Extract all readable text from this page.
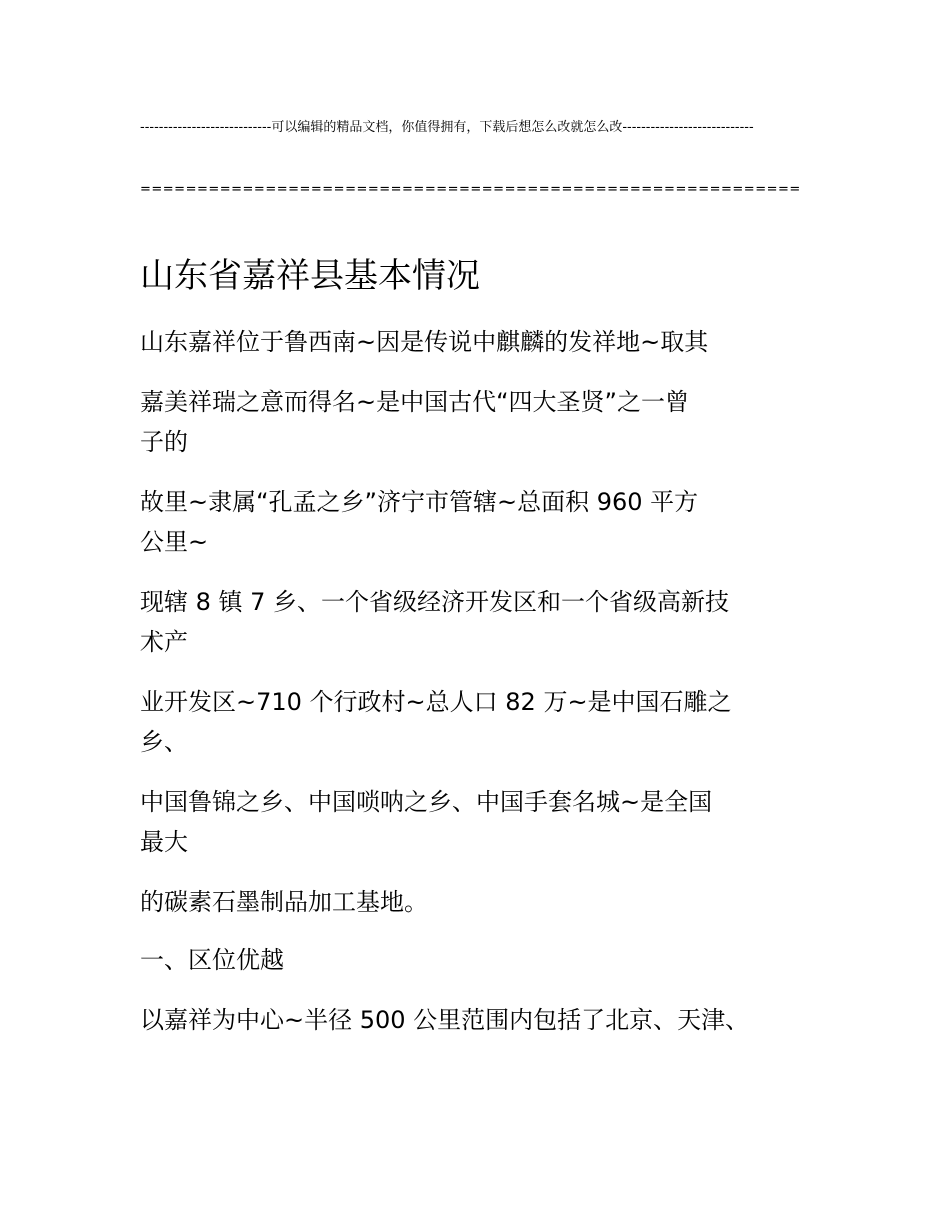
----------------------------可以编辑的精品文档，你值得拥有，下载后想怎么改就怎么改----------------------------
==========================================================
山东省嘉祥县基本情况
山东嘉祥位于鲁西南~因是传说中麒麟的发祥地~取其
嘉美祥瑞之意而得名~是中国古代“四大圣贤”之一曾
子的
故里~隶属“孔孟之乡”济宁市管辖~总面积 960 平方
公里~
现辖 8 镇 7 乡、一个省级经济开发区和一个省级高新技
术产
业开发区~710 个行政村~总人口 82 万~是中国石雕之
乡、
中国鲁锦之乡、中国唢呐之乡、中国手套名城~是全国
最大
的碳素石墨制品加工基地。
一、区位优越
以嘉祥为中心~半径 500 公里范围内包括了北京、天津、
